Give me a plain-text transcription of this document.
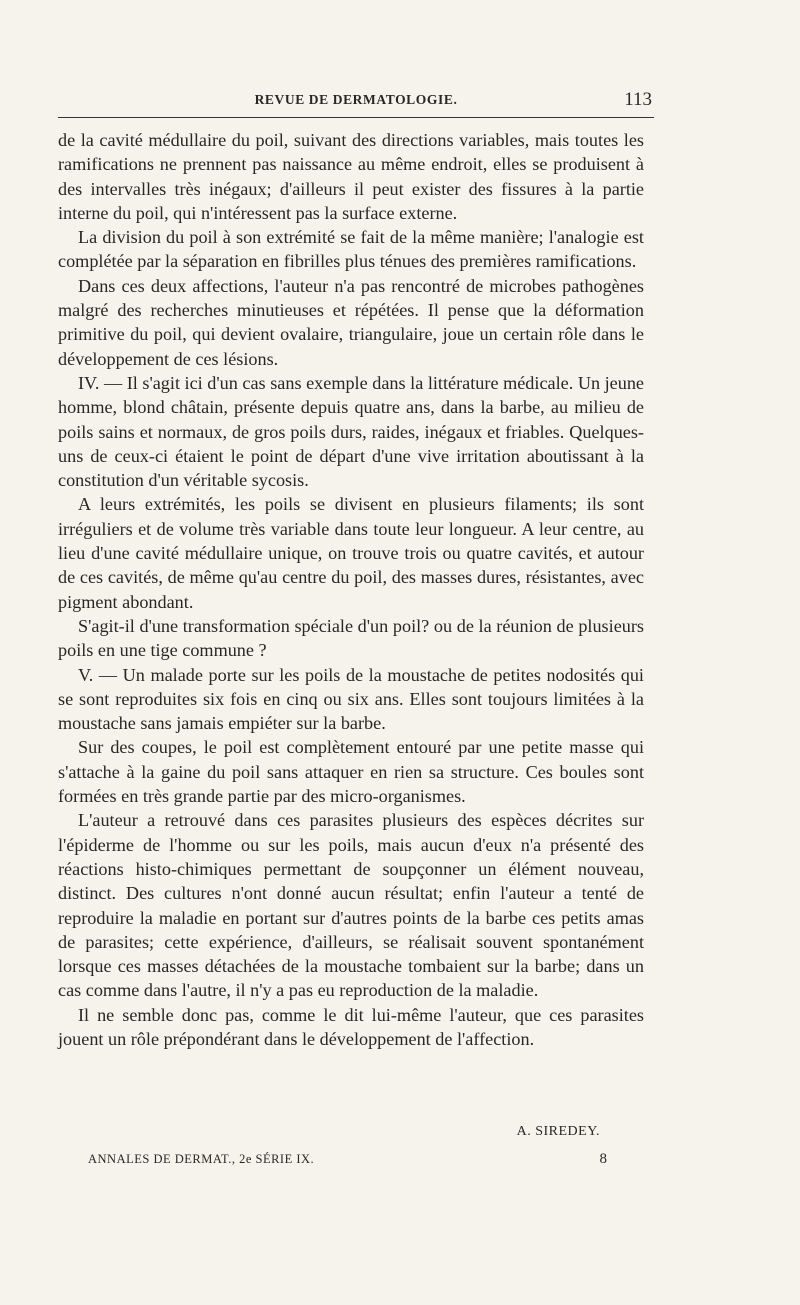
REVUE DE DERMATOLOGIE.	113

de la cavité médullaire du poil, suivant des directions variables, mais toutes les ramifications ne prennent pas naissance au même endroit, elles se produisent à des intervalles très inégaux; d'ailleurs il peut exister des fissures à la partie interne du poil, qui n'intéressent pas la surface externe.

La division du poil à son extrémité se fait de la même manière; l'analogie est complétée par la séparation en fibrilles plus ténues des premières ramifications.

Dans ces deux affections, l'auteur n'a pas rencontré de microbes pathogènes malgré des recherches minutieuses et répétées. Il pense que la déformation primitive du poil, qui devient ovalaire, triangulaire, joue un certain rôle dans le développement de ces lésions.

IV. — Il s'agit ici d'un cas sans exemple dans la littérature médicale. Un jeune homme, blond châtain, présente depuis quatre ans, dans la barbe, au milieu de poils sains et normaux, de gros poils durs, raides, inégaux et friables. Quelques-uns de ceux-ci étaient le point de départ d'une vive irritation aboutissant à la constitution d'un véritable sycosis.

A leurs extrémités, les poils se divisent en plusieurs filaments; ils sont irréguliers et de volume très variable dans toute leur longueur. A leur centre, au lieu d'une cavité médullaire unique, on trouve trois ou quatre cavités, et autour de ces cavités, de même qu'au centre du poil, des masses dures, résistantes, avec pigment abondant.

S'agit-il d'une transformation spéciale d'un poil? ou de la réunion de plusieurs poils en une tige commune ?

V. — Un malade porte sur les poils de la moustache de petites nodosités qui se sont reproduites six fois en cinq ou six ans. Elles sont toujours limitées à la moustache sans jamais empiéter sur la barbe.

Sur des coupes, le poil est complètement entouré par une petite masse qui s'attache à la gaine du poil sans attaquer en rien sa structure. Ces boules sont formées en très grande partie par des micro-organismes.

L'auteur a retrouvé dans ces parasites plusieurs des espèces décrites sur l'épiderme de l'homme ou sur les poils, mais aucun d'eux n'a présenté des réactions histo-chimiques permettant de soupçonner un élément nouveau, distinct. Des cultures n'ont donné aucun résultat; enfin l'auteur a tenté de reproduire la maladie en portant sur d'autres points de la barbe ces petits amas de parasites; cette expérience, d'ailleurs, se réalisait souvent spontanément lorsque ces masses détachées de la moustache tombaient sur la barbe; dans un cas comme dans l'autre, il n'y a pas eu reproduction de la maladie.

Il ne semble donc pas, comme le dit lui-même l'auteur, que ces parasites jouent un rôle prépondérant dans le développement de l'affection.

A. SIREDEY.
ANNALES DE DERMAT., 2e SÉRIE IX.	8
